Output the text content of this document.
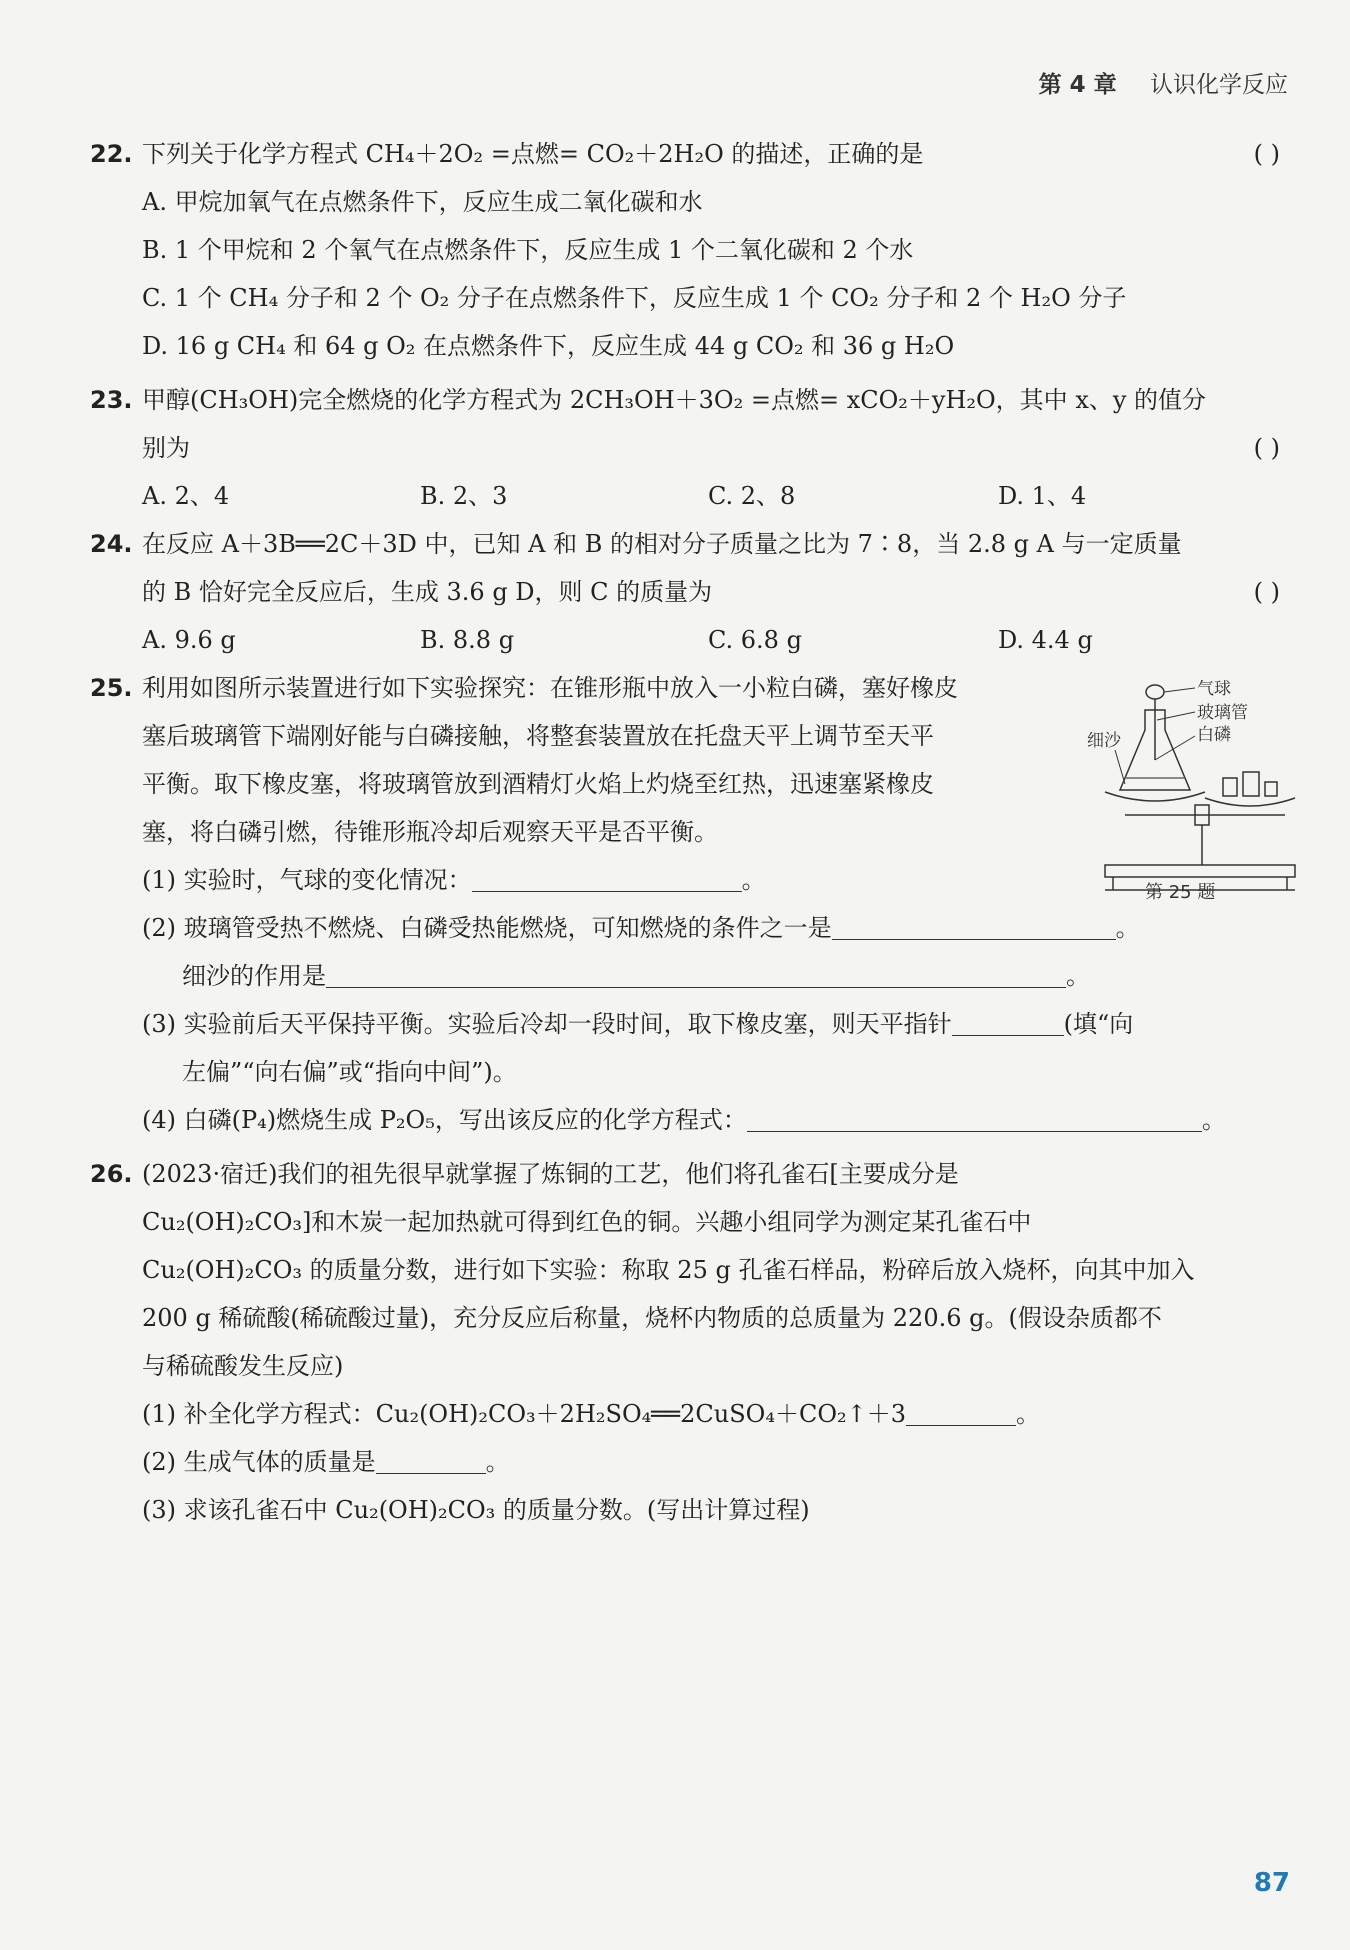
第 4 章 认识化学反应
22. 下列关于化学方程式 CH₄＋2O₂ =点燃= CO₂＋2H₂O 的描述，正确的是	( )
A. 甲烷加氧气在点燃条件下，反应生成二氧化碳和水
B. 1 个甲烷和 2 个氧气在点燃条件下，反应生成 1 个二氧化碳和 2 个水
C. 1 个 CH₄ 分子和 2 个 O₂ 分子在点燃条件下，反应生成 1 个 CO₂ 分子和 2 个 H₂O 分子
D. 16 g CH₄ 和 64 g O₂ 在点燃条件下，反应生成 44 g CO₂ 和 36 g H₂O
23. 甲醇(CH₃OH)完全燃烧的化学方程式为 2CH₃OH＋3O₂ =点燃= xCO₂＋yH₂O，其中 x、y 的值分
别为	( )
A. 2、4	B. 2、3	C. 2、8	D. 1、4
24. 在反应 A＋3B══2C＋3D 中，已知 A 和 B 的相对分子质量之比为 7∶8，当 2.8 g A 与一定质量
的 B 恰好完全反应后，生成 3.6 g D，则 C 的质量为	( )
A. 9.6 g	B. 8.8 g	C. 6.8 g	D. 4.4 g
25. 利用如图所示装置进行如下实验探究：在锥形瓶中放入一小粒白磷，塞好橡皮
塞后玻璃管下端刚好能与白磷接触，将整套装置放在托盘天平上调节至天平
平衡。取下橡皮塞，将玻璃管放到酒精灯火焰上灼烧至红热，迅速塞紧橡皮
塞，将白磷引燃，待锥形瓶冷却后观察天平是否平衡。
(1) 实验时，气球的变化情况：	。
(2) 玻璃管受热不燃烧、白磷受热能燃烧，可知燃烧的条件之一是	。
细沙的作用是	。
(3) 实验前后天平保持平衡。实验后冷却一段时间，取下橡皮塞，则天平指针	(填“向
左偏”“向右偏”或“指向中间”)。
(4) 白磷(P₄)燃烧生成 P₂O₅，写出该反应的化学方程式：	。
26. (2023·宿迁)我们的祖先很早就掌握了炼铜的工艺，他们将孔雀石[主要成分是
Cu₂(OH)₂CO₃]和木炭一起加热就可得到红色的铜。兴趣小组同学为测定某孔雀石中
Cu₂(OH)₂CO₃ 的质量分数，进行如下实验：称取 25 g 孔雀石样品，粉碎后放入烧杯，向其中加入
200 g 稀硫酸(稀硫酸过量)，充分反应后称量，烧杯内物质的总质量为 220.6 g。(假设杂质都不
与稀硫酸发生反应)
(1) 补全化学方程式：Cu₂(OH)₂CO₃＋2H₂SO₄══2CuSO₄＋CO₂↑＋3	。
(2) 生成气体的质量是	。
(3) 求该孔雀石中 Cu₂(OH)₂CO₃ 的质量分数。(写出计算过程)
气球
玻璃管
白磷
细沙
第 25 题
87
